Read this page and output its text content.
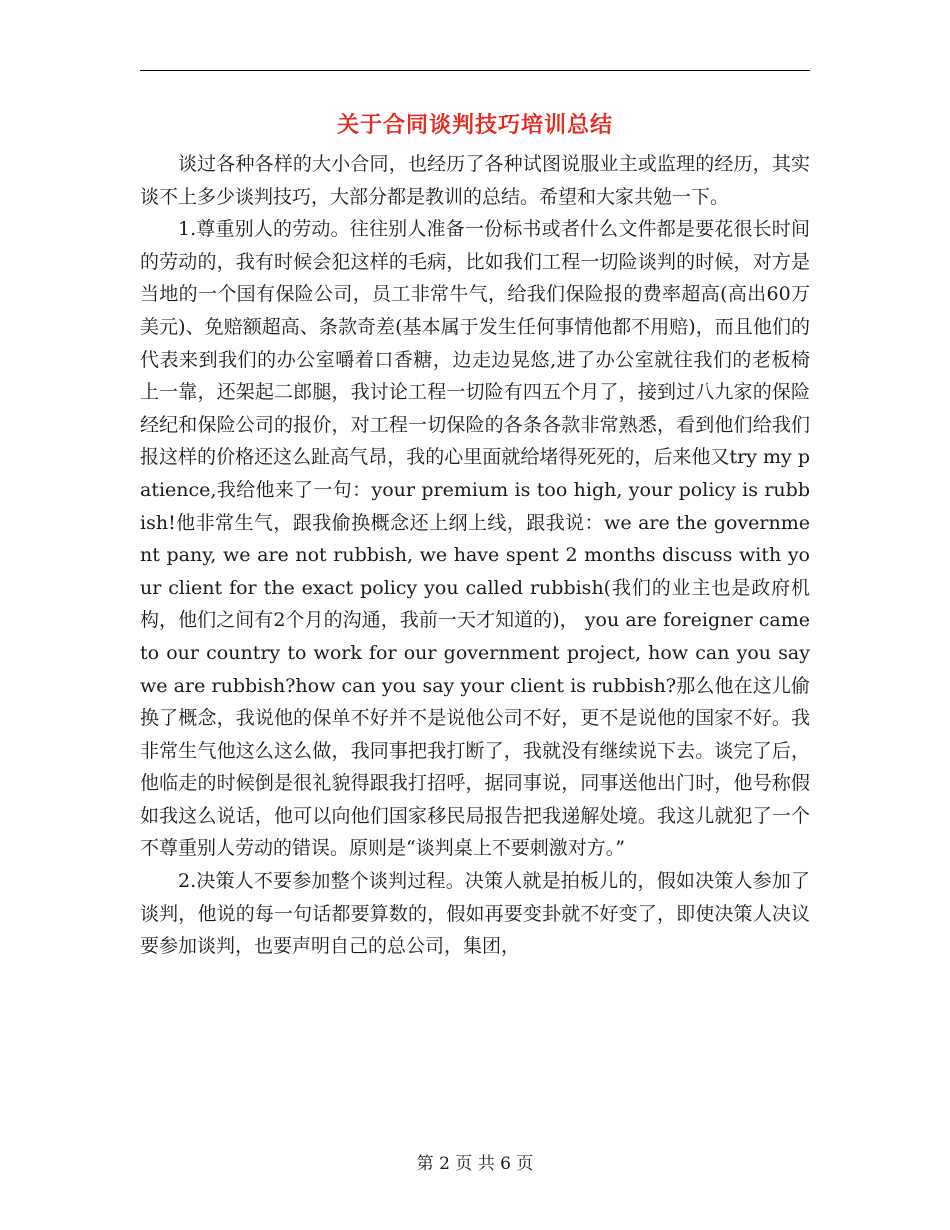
关于合同谈判技巧培训总结

谈过各种各样的大小合同，也经历了各种试图说服业主或监理的经历，其实谈不上多少谈判技巧，大部分都是教训的总结。希望和大家共勉一下。

1.尊重别人的劳动。往往别人准备一份标书或者什么文件都是要花很长时间的劳动的，我有时候会犯这样的毛病，比如我们工程一切险谈判的时候，对方是当地的一个国有保险公司，员工非常牛气，给我们保险报的费率超高(高出60万美元)、免赔额超高、条款奇差(基本属于发生任何事情他都不用赔)，而且他们的代表来到我们的办公室嚼着口香糖，边走边晃悠,进了办公室就往我们的老板椅上一靠，还架起二郎腿，我讨论工程一切险有四五个月了，接到过八九家的保险经纪和保险公司的报价，对工程一切保险的各条各款非常熟悉，看到他们给我们报这样的价格还这么趾高气昂，我的心里面就给堵得死死的，后来他又try my patience,我给他来了一句：your premium is too high, your policy is rubbish!他非常生气，跟我偷换概念还上纲上线，跟我说：we are the government pany, we are not rubbish, we have spent 2 months discuss with your client for the exact policy you called rubbish(我们的业主也是政府机构，他们之间有2个月的沟通，我前一天才知道的)， you are foreigner came to our country to work for our government project, how can you say we are rubbish?how can you say your client is rubbish?那么他在这儿偷换了概念，我说他的保单不好并不是说他公司不好，更不是说他的国家不好。我非常生气他这么这么做，我同事把我打断了，我就没有继续说下去。谈完了后，他临走的时候倒是很礼貌得跟我打招呼，据同事说，同事送他出门时，他号称假如我这么说话，他可以向他们国家移民局报告把我递解处境。我这儿就犯了一个不尊重别人劳动的错误。原则是“谈判桌上不要刺激对方。”

2.决策人不要参加整个谈判过程。决策人就是拍板儿的，假如决策人参加了谈判，他说的每一句话都要算数的，假如再要变卦就不好变了，即使决策人决议要参加谈判，也要声明自己的总公司，集团，

第 2 页 共 6 页
